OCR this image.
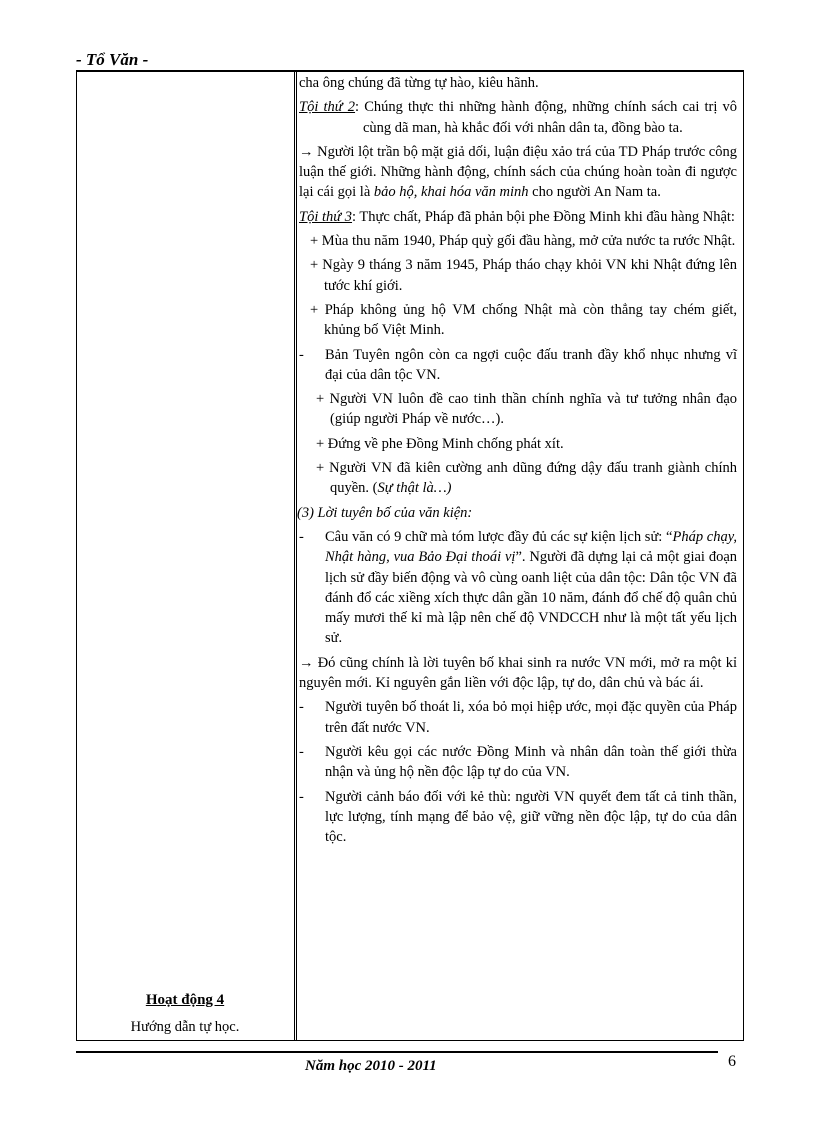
- Tổ Văn -
Hoạt động 4
Hướng dẫn tự học.

cha ông chúng đã từng tự hào, kiêu hãnh.

Tội thứ 2: Chúng thực thi những hành động, những chính sách cai trị vô cùng dã man, hà khắc đối với nhân dân ta, đồng bào ta.

→ Người lột trần bộ mặt giả dối, luận điệu xảo trá của TD Pháp trước công luận thế giới. Những hành động, chính sách của chúng hoàn toàn đi ngược lại cái gọi là bảo hộ, khai hóa văn minh cho người An Nam ta.

Tội thứ 3: Thực chất, Pháp đã phản bội phe Đồng Minh khi đầu hàng Nhật:

+ Mùa thu năm 1940, Pháp quỳ gối đầu hàng, mở cửa nước ta rước Nhật.

+ Ngày 9 tháng 3 năm 1945, Pháp tháo chạy khỏi VN khi Nhật đứng lên tước khí giới.

+ Pháp không ủng hộ VM chống Nhật mà còn thẳng tay chém giết, khủng bố Việt Minh.

- Bản Tuyên ngôn còn ca ngợi cuộc đấu tranh đầy khổ nhục nhưng vĩ đại của dân tộc VN.

+ Người VN luôn đề cao tinh thần chính nghĩa và tư tưởng nhân đạo (giúp người Pháp về nước…).

+ Đứng về phe Đồng Minh chống phát xít.

+ Người VN đã kiên cường anh dũng đứng dậy đấu tranh giành chính quyền. (Sự thật là…)

(3) Lời tuyên bố của văn kiện:

- Câu văn có 9 chữ mà tóm lược đầy đủ các sự kiện lịch sử: “Pháp chạy, Nhật hàng, vua Bảo Đại thoái vị”. Người đã dựng lại cả một giai đoạn lịch sử đầy biến động và vô cùng oanh liệt của dân tộc: Dân tộc VN đã đánh đổ các xiềng xích thực dân gần 10 năm, đánh đổ chế độ quân chủ mấy mươi thế kỉ mà lập nên chế độ VNDCCH như là một tất yếu lịch sử.

→ Đó cũng chính là lời tuyên bố khai sinh ra nước VN mới, mở ra một kỉ nguyên mới. Kỉ nguyên gắn liền với độc lập, tự do, dân chủ và bác ái.

- Người tuyên bố thoát li, xóa bỏ mọi hiệp ước, mọi đặc quyền của Pháp trên đất nước VN.

- Người kêu gọi các nước Đồng Minh và nhân dân toàn thế giới thừa nhận và ủng hộ nền độc lập tự do của VN.

- Người cảnh báo đối với kẻ thù: người VN quyết đem tất cả tinh thần, lực lượng, tính mạng để bảo vệ, giữ vững nền độc lập, tự do của dân tộc.

Năm học 2010 - 2011	6
